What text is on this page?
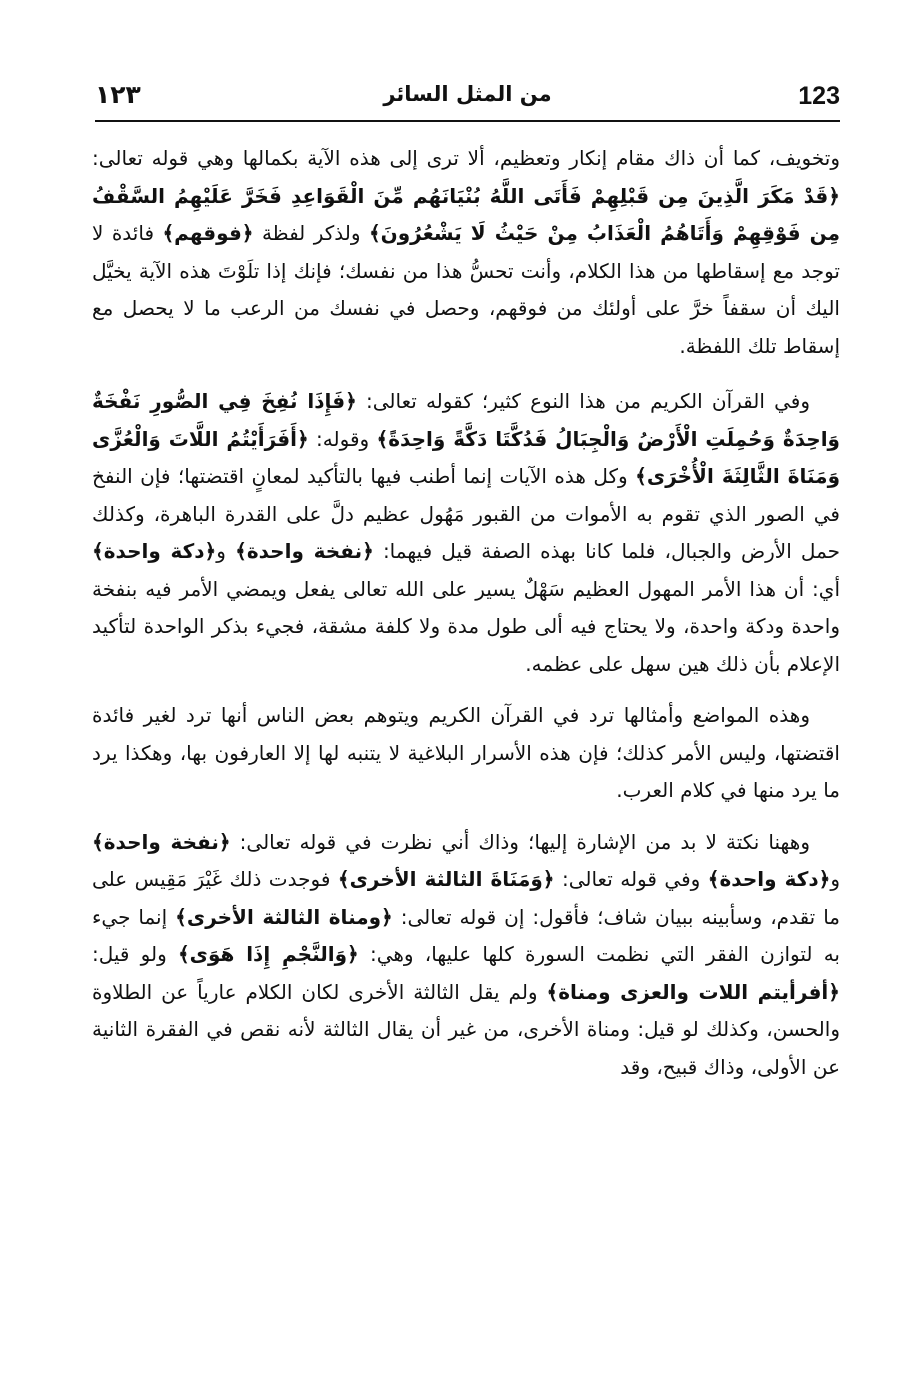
123
من المثل السائر
١٢٣

وتخويف، كما أن ذاك مقام إنكار وتعظيم، ألا ترى إلى هذه الآية بكمالها وهي قوله تعالى: ﴿قَدْ مَكَرَ الَّذِينَ مِن قَبْلِهِمْ فَأَتَى اللَّهُ بُنْيَانَهُم مِّنَ الْقَوَاعِدِ فَخَرَّ عَلَيْهِمُ السَّقْفُ مِن فَوْقِهِمْ وَأَتَاهُمُ الْعَذَابُ مِنْ حَيْثُ لَا يَشْعُرُونَ﴾ ولذكر لفظة ﴿فوقهم﴾ فائدة لا توجد مع إسقاطها من هذا الكلام، وأنت تحسُّ هذا من نفسك؛ فإنك إذا تلَوْتَ هذه الآية يخيَّل اليك أن سقفاً خرَّ على أولئك من فوقهم، وحصل في نفسك من الرعب ما لا يحصل مع إسقاط تلك اللفظة.

وفي القرآن الكريم من هذا النوع كثير؛ كقوله تعالى: ﴿فَإِذَا نُفِخَ فِي الصُّورِ نَفْخَةٌ وَاحِدَةٌ وَحُمِلَتِ الْأَرْضُ وَالْجِبَالُ فَدُكَّتَا دَكَّةً وَاحِدَةً﴾ وقوله: ﴿أَفَرَأَيْتُمُ اللَّاتَ وَالْعُزَّى وَمَنَاةَ الثَّالِثَةَ الْأُخْرَى﴾ وكل هذه الآيات إنما أطنب فيها بالتأكيد لمعانٍ اقتضتها؛ فإن النفخ في الصور الذي تقوم به الأموات من القبور مَهُول عظيم دلَّ على القدرة الباهرة، وكذلك حمل الأرض والجبال، فلما كانا بهذه الصفة قيل فيهما: ﴿نفخة واحدة﴾ و﴿دكة واحدة﴾ أي: أن هذا الأمر المهول العظيم سَهْلٌ يسير على الله تعالى يفعل ويمضي الأمر فيه بنفخة واحدة ودكة واحدة، ولا يحتاج فيه ألى طول مدة ولا كلفة مشقة، فجيء بذكر الواحدة لتأكيد الإعلام بأن ذلك هين سهل على عظمه.

وهذه المواضع وأمثالها ترد في القرآن الكريم ويتوهم بعض الناس أنها ترد لغير فائدة اقتضتها، وليس الأمر كذلك؛ فإن هذه الأسرار البلاغية لا يتنبه لها إلا العارفون بها، وهكذا يرد ما يرد منها في كلام العرب.

وههنا نكتة لا بد من الإشارة إليها؛ وذاك أني نظرت في قوله تعالى: ﴿نفخة واحدة﴾ و﴿دكة واحدة﴾ وفي قوله تعالى: ﴿وَمَنَاةَ الثالثة الأخرى﴾ فوجدت ذلك غَيْرَ مَقِيس على ما تقدم، وسأبينه ببيان شاف؛ فأقول: إن قوله تعالى: ﴿ومناة الثالثة الأخرى﴾ إنما جيء به لتوازن الفقر التي نظمت السورة كلها عليها، وهي: ﴿وَالنَّجْمِ إِذَا هَوَى﴾ ولو قيل: ﴿أفرأيتم اللات والعزى ومناة﴾ ولم يقل الثالثة الأخرى لكان الكلام عارياً عن الطلاوة والحسن، وكذلك لو قيل: ومناة الأخرى، من غير أن يقال الثالثة لأنه نقص في الفقرة الثانية عن الأولى، وذاك قبيح، وقد
